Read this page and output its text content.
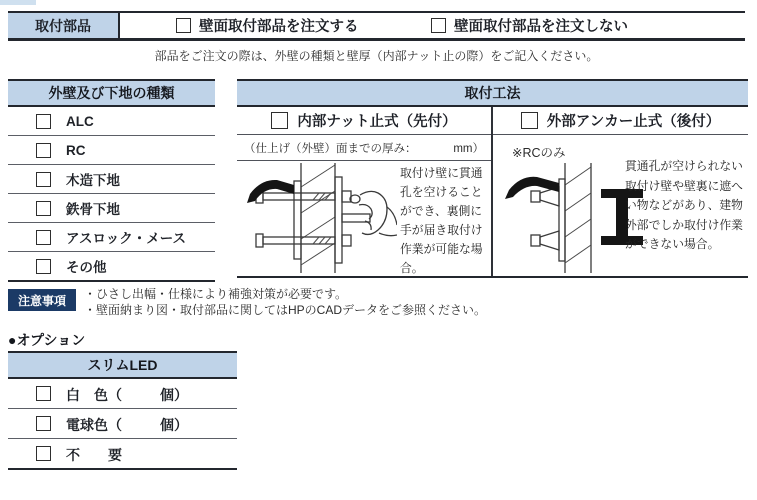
取付部品	壁面取付部品を注文する	壁面取付部品を注文しない
部品をご注文の際は、外壁の種類と壁厚（内部ナット止の際）をご記入ください。
外壁及び下地の種類
ALC
RC
木造下地
鉄骨下地
アスロック・メース
その他
取付工法
内部ナット止式（先付）	外部アンカー止式（後付）
（仕上げ（外壁）面までの厚み：	mm） ※RCのみ
取付け壁に貫通孔を空けることができ、裏側に手が届き取付け作業が可能な場合。
貫通孔が空けられない取付け壁や壁裏に遮へい物などがあり、建物外部でしか取付け作業ができない場合。
注意事項	・ひさし出幅・仕様により補強対策が必要です。
・壁面納まり図・取付部品に関してはHPのCADデータをご参照ください。
●オプション
スリムLED
白　色（	個）
電球色（	個）
不　　要
